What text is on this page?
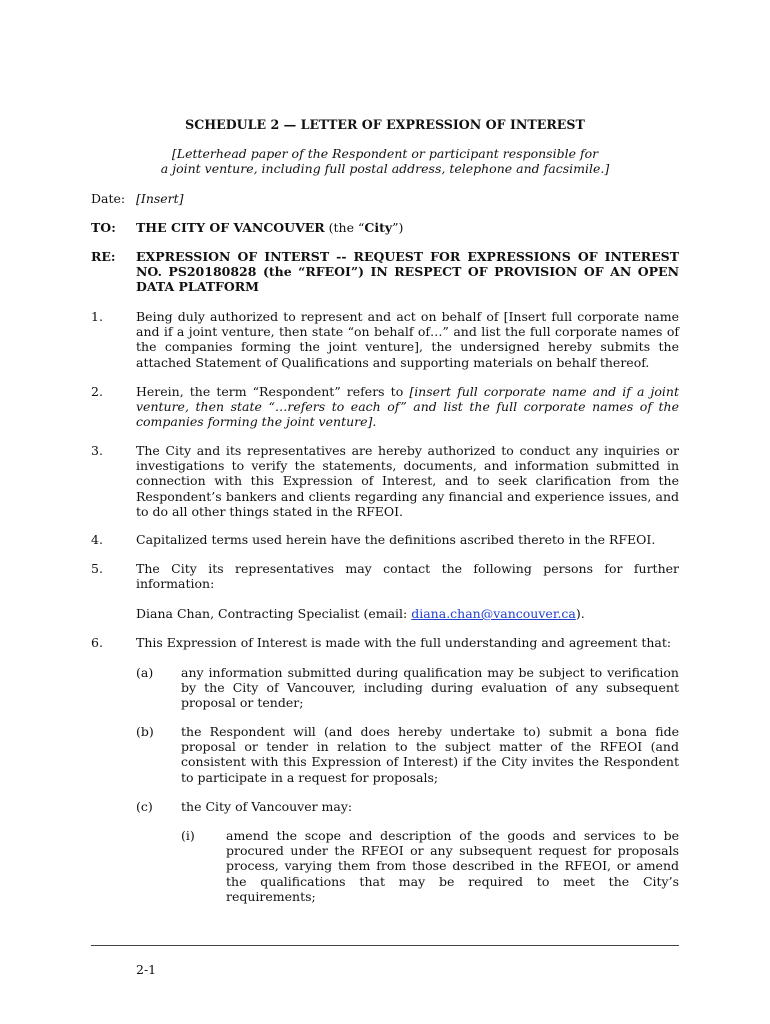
SCHEDULE 2 — LETTER OF EXPRESSION OF INTEREST
[Letterhead paper of the Respondent or participant responsible for
a joint venture, including full postal address, telephone and facsimile.]
Date: [Insert]
TO: THE CITY OF VANCOUVER (the “City”)
RE: EXPRESSION OF INTERST -- REQUEST FOR EXPRESSIONS OF INTEREST NO. PS20180828 (the “RFEOI”) IN RESPECT OF PROVISION OF AN OPEN DATA PLATFORM
1.	Being duly authorized to represent and act on behalf of [Insert full corporate name and if a joint venture, then state “on behalf of…” and list the full corporate names of the companies forming the joint venture], the undersigned hereby submits the attached Statement of Qualifications and supporting materials on behalf thereof.
2.	Herein, the term “Respondent” refers to [insert full corporate name and if a joint venture, then state “…refers to each of” and list the full corporate names of the companies forming the joint venture].
3.	The City and its representatives are hereby authorized to conduct any inquiries or investigations to verify the statements, documents, and information submitted in connection with this Expression of Interest, and to seek clarification from the Respondent’s bankers and clients regarding any financial and experience issues, and to do all other things stated in the RFEOI.
4.	Capitalized terms used herein have the definitions ascribed thereto in the RFEOI.
5.	The City its representatives may contact the following persons for further information:
Diana Chan, Contracting Specialist (email: diana.chan@vancouver.ca).
6.	This Expression of Interest is made with the full understanding and agreement that:
(a) any information submitted during qualification may be subject to verification by the City of Vancouver, including during evaluation of any subsequent proposal or tender;
(b) the Respondent will (and does hereby undertake to) submit a bona fide proposal or tender in relation to the subject matter of the RFEOI (and consistent with this Expression of Interest) if the City invites the Respondent to participate in a request for proposals;
(c) the City of Vancouver may:
(i) amend the scope and description of the goods and services to be procured under the RFEOI or any subsequent request for proposals process, varying them from those described in the RFEOI, or amend the qualifications that may be required to meet the City’s requirements;
2-1
